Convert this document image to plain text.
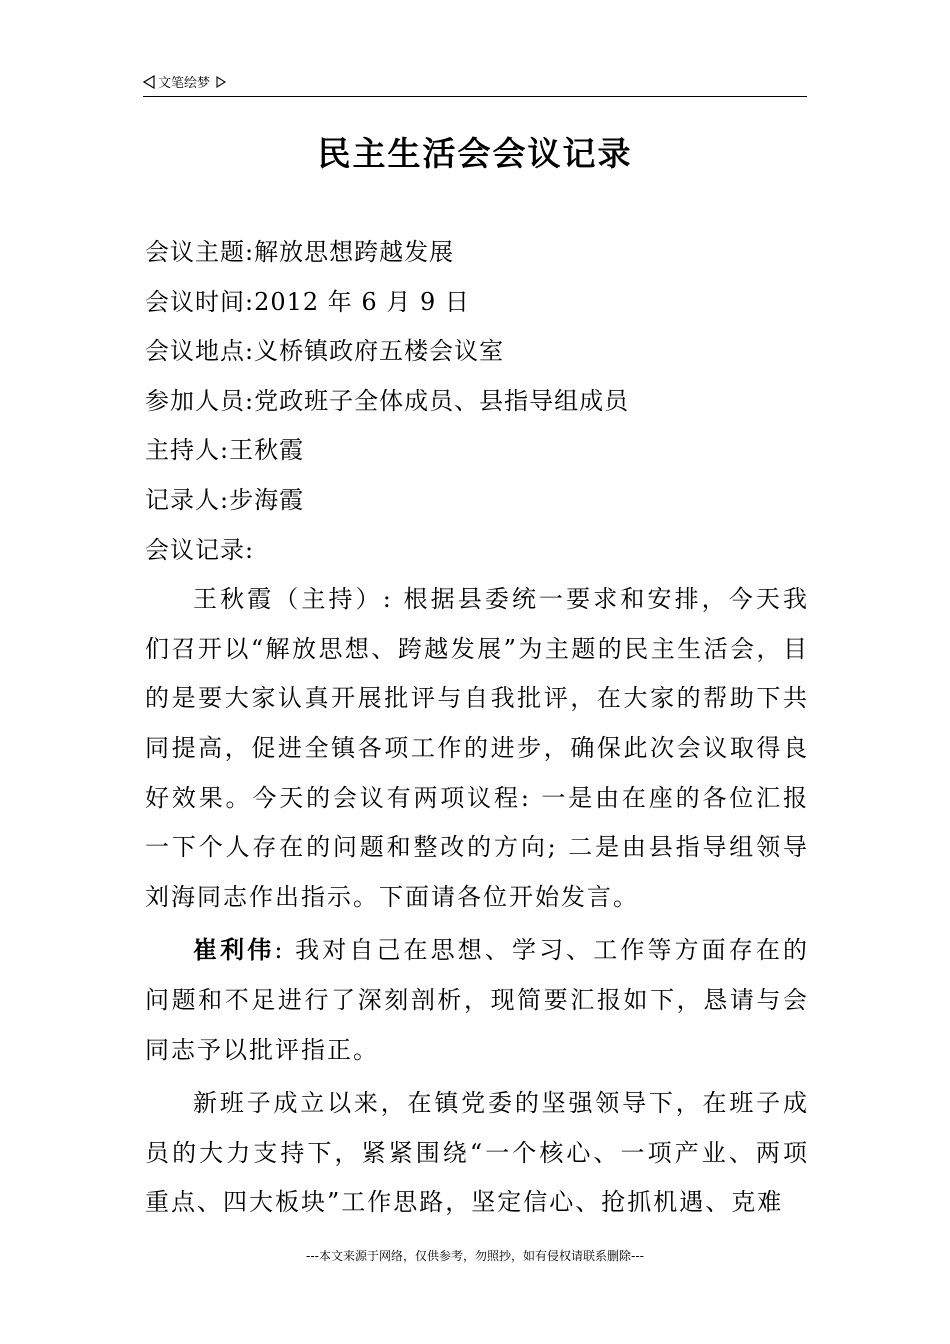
文笔绘梦
民主生活会会议记录
会议主题:解放思想跨越发展
会议时间:2012 年 6 月 9 日
会议地点:义桥镇政府五楼会议室
参加人员:党政班子全体成员、县指导组成员
主持人:王秋霞
记录人:步海霞
会议记录:
王秋霞（主持）: 根据县委统一要求和安排，今天我们召开以“解放思想、跨越发展”为主题的民主生活会，目的是要大家认真开展批评与自我批评，在大家的帮助下共同提高，促进全镇各项工作的进步，确保此次会议取得良好效果。今天的会议有两项议程: 一是由在座的各位汇报一下个人存在的问题和整改的方向; 二是由县指导组领导刘海同志作出指示。下面请各位开始发言。
崔利伟: 我对自己在思想、学习、工作等方面存在的问题和不足进行了深刻剖析，现简要汇报如下，恳请与会同志予以批评指正。
新班子成立以来，在镇党委的坚强领导下，在班子成员的大力支持下，紧紧围绕“一个核心、一项产业、两项重点、四大板块”工作思路，坚定信心、抢抓机遇、克难
---本文来源于网络，仅供参考，勿照抄，如有侵权请联系删除---
